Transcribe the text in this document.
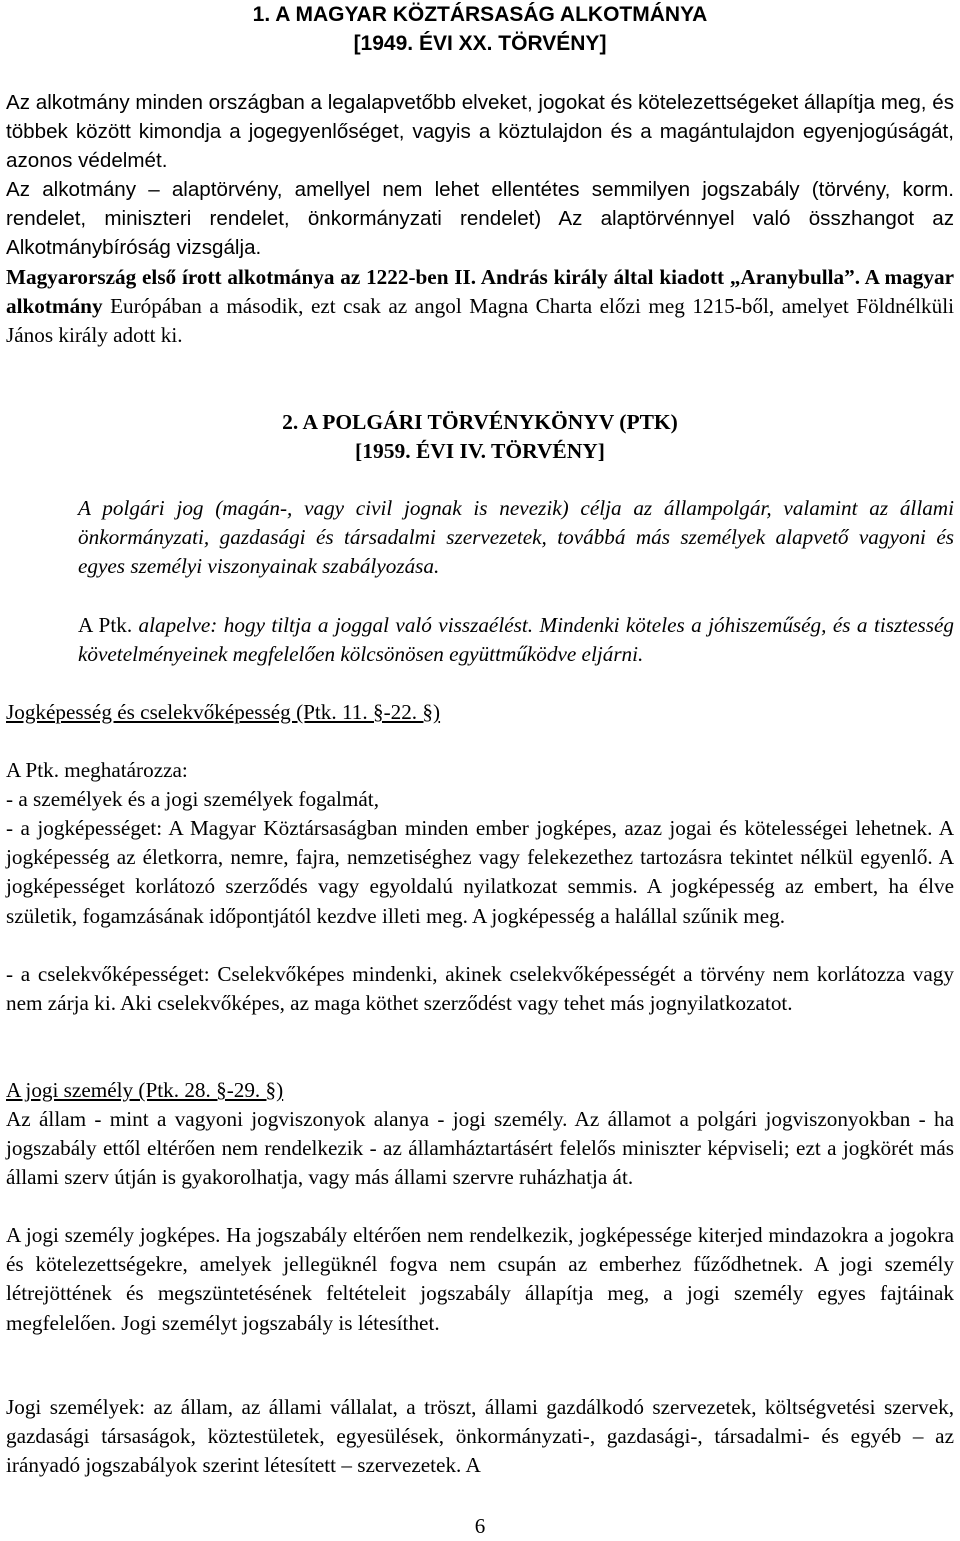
1. A MAGYAR KÖZTÁRSASÁG ALKOTMÁNYA
[1949. ÉVI XX. TÖRVÉNY]

Az alkotmány minden országban a legalapvetőbb elveket, jogokat és kötelezettségeket állapítja meg, és többek között kimondja a jogegyenlőséget, vagyis a köztulajdon és a magántulajdon egyenjogúságát, azonos védelmét.

Az alkotmány – alaptörvény, amellyel nem lehet ellentétes semmilyen jogszabály (törvény, korm. rendelet, miniszteri rendelet, önkormányzati rendelet) Az alaptörvénnyel való összhangot az Alkotmánybíróság vizsgálja.

Magyarország első írott alkotmánya az 1222-ben II. András király által kiadott „Aranybulla”. A magyar alkotmány Európában a második, ezt csak az angol Magna Charta előzi meg 1215-ből, amelyet Földnélküli János király adott ki.

2. A POLGÁRI TÖRVÉNYKÖNYV (PTK)
[1959. ÉVI IV. TÖRVÉNY]

A polgári jog (magán-, vagy civil jognak is nevezik) célja az állampolgár, valamint az állami önkormányzati, gazdasági és társadalmi szervezetek, továbbá más személyek alapvető vagyoni és egyes személyi viszonyainak szabályozása.

A Ptk. alapelve: hogy tiltja a joggal való visszaélést. Mindenki köteles a jóhiszeműség, és a tisztesség követelményeinek megfelelően kölcsönösen együttműködve eljárni.

Jogképesség és cselekvőképesség (Ptk. 11. §-22. §)

A Ptk. meghatározza:

- a személyek és a jogi személyek fogalmát,

- a jogképességet: A Magyar Köztársaságban minden ember jogképes, azaz jogai és kötelességei lehetnek. A jogképesség az életkorra, nemre, fajra, nemzetiséghez vagy felekezethez tartozásra tekintet nélkül egyenlő. A jogképességet korlátozó szerződés vagy egyoldalú nyilatkozat semmis. A jogképesség az embert, ha élve születik, fogamzásának időpontjától kezdve illeti meg. A jogképesség a halállal szűnik meg.

- a cselekvőképességet: Cselekvőképes mindenki, akinek cselekvőképességét a törvény nem korlátozza vagy nem zárja ki. Aki cselekvőképes, az maga köthet szerződést vagy tehet más jognyilatkozatot.

A jogi személy (Ptk. 28. §-29. §)

Az állam - mint a vagyoni jogviszonyok alanya - jogi személy. Az államot a polgári jogviszonyokban - ha jogszabály ettől eltérően nem rendelkezik - az államháztartásért felelős miniszter képviseli; ezt a jogkörét más állami szerv útján is gyakorolhatja, vagy más állami szervre ruházhatja át.

A jogi személy jogképes. Ha jogszabály eltérően nem rendelkezik, jogképessége kiterjed mindazokra a jogokra és kötelezettségekre, amelyek jellegüknél fogva nem csupán az emberhez fűződhetnek. A jogi személy létrejöttének és megszüntetésének feltételeit jogszabály állapítja meg, a jogi személy egyes fajtáinak megfelelően. Jogi személyt jogszabály is létesíthet.

Jogi személyek: az állam, az állami vállalat, a tröszt, állami gazdálkodó szervezetek, költségvetési szervek, gazdasági társaságok, köztestületek, egyesülések, önkormányzati-, gazdasági-, társadalmi- és egyéb – az irányadó jogszabályok szerint létesített – szervezetek. A

6
